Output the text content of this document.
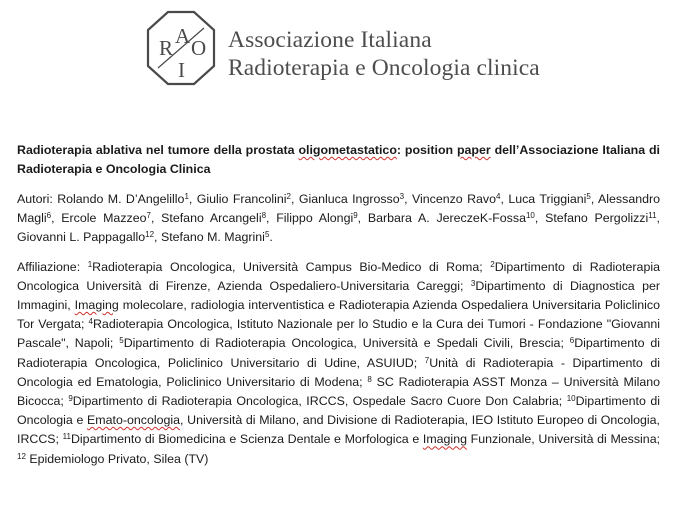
R A O
I
Associazione Italiana
Radioterapia e Oncologia clinica

Radioterapia ablativa nel tumore della prostata oligometastatico: position paper dell’Associazione Italiana di Radioterapia e Oncologia Clinica

Autori: Rolando M. D’Angelillo$^1$, Giulio Francolini$^2$, Gianluca Ingrosso$^3$, Vincenzo Ravo$^4$, Luca Triggiani$^5$, Alessandro Magli$^6$, Ercole Mazzeo$^7$, Stefano Arcangeli$^8$, Filippo Alongi$^9$, Barbara A. JereczeK-Fossa$^{10}$, Stefano Pergolizzi$^{11}$, Giovanni L. Pappagallo$^{12}$, Stefano M. Magrini$^5$.

Affiliazione: $^1$Radioterapia Oncologica, Università Campus Bio-Medico di Roma; $^2$Dipartimento di Radioterapia Oncologica Università di Firenze, Azienda Ospedaliero-Universitaria Careggi; $^3$Dipartimento di Diagnostica per Immagini, Imaging molecolare, radiologia interventistica e Radioterapia Azienda Ospedaliera Universitaria Policlinico Tor Vergata; $^4$Radioterapia Oncologica, Istituto Nazionale per lo Studio e la Cura dei Tumori - Fondazione "Giovanni Pascale", Napoli; $^5$Dipartimento di Radioterapia Oncologica, Università e Spedali Civili, Brescia; $^6$Dipartimento di Radioterapia Oncologica, Policlinico Universitario di Udine, ASUIUD; $^7$Unità di Radioterapia - Dipartimento di Oncologia ed Ematologia, Policlinico Universitario di Modena; $^8$ SC Radioterapia ASST Monza – Università Milano Bicocca; $^9$Dipartimento di Radioterapia Oncologica, IRCCS, Ospedale Sacro Cuore Don Calabria; $^{10}$Dipartimento di Oncologia e Emato-oncologia, Università di Milano, and Divisione di Radioterapia, IEO Istituto Europeo di Oncologia, IRCCS; $^{11}$Dipartimento di Biomedicina e Scienza Dentale e Morfologica e Imaging Funzionale, Università di Messina; $^{12}$ Epidemiologo Privato, Silea (TV)
